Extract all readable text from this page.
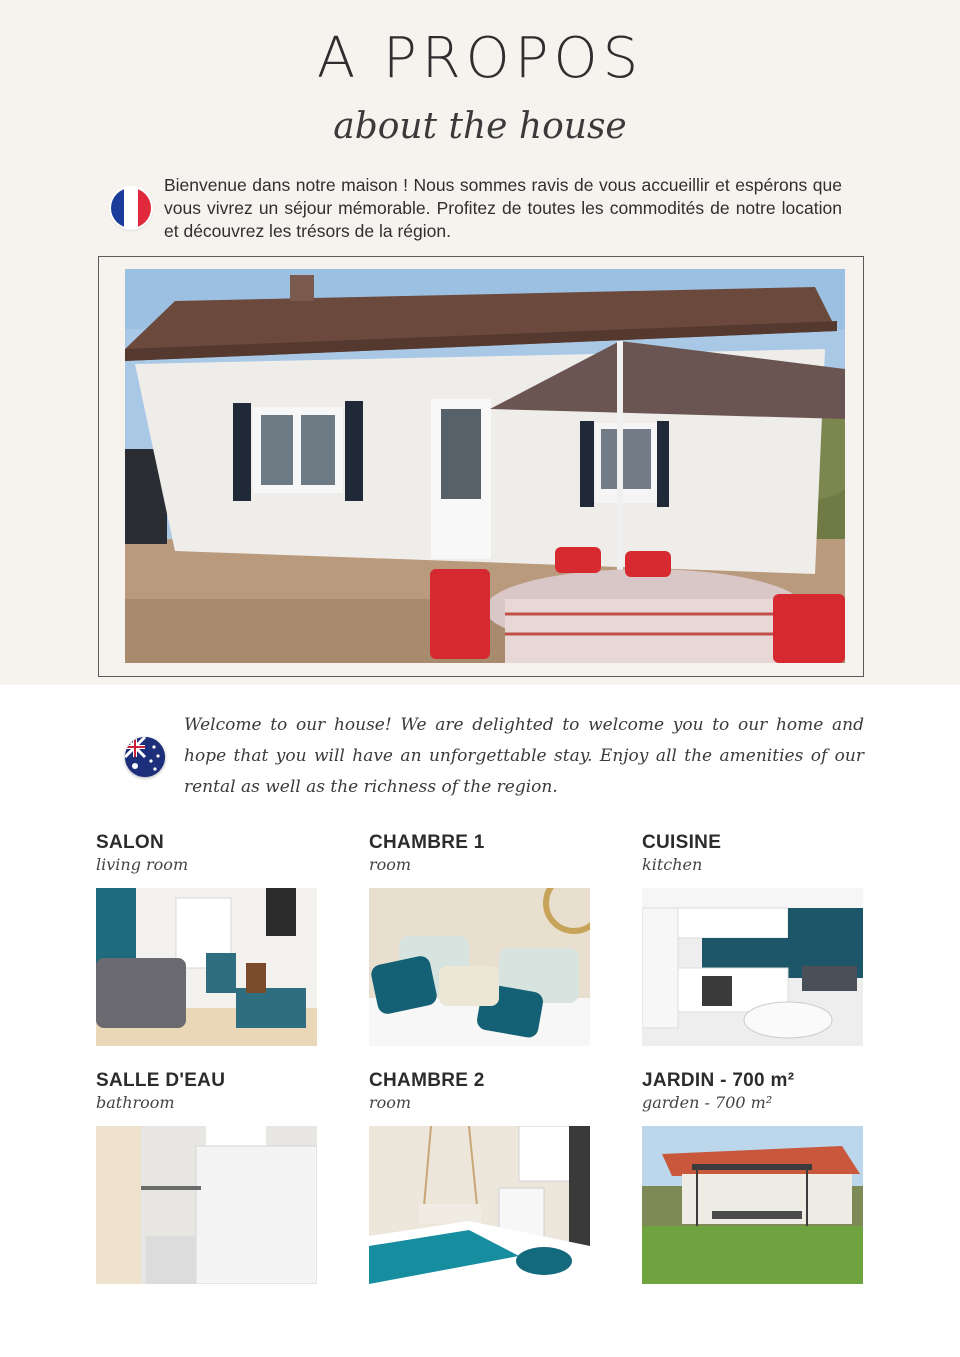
A PROPOS
about the house

Bienvenue dans notre maison ! Nous sommes ravis de vous accueillir et espérons que vous vivrez un séjour mémorable. Profitez de toutes les commodités de notre location et découvrez les trésors de la région.

Welcome to our house! We are delighted to welcome you to our home and hope that you will have an unforgettable stay. Enjoy all the amenities of our rental as well as the richness of the region.

SALON
living room
CHAMBRE 1
room
CUISINE
kitchen
SALLE D'EAU
bathroom
CHAMBRE 2
room
JARDIN - 700 m²
garden - 700 m²
